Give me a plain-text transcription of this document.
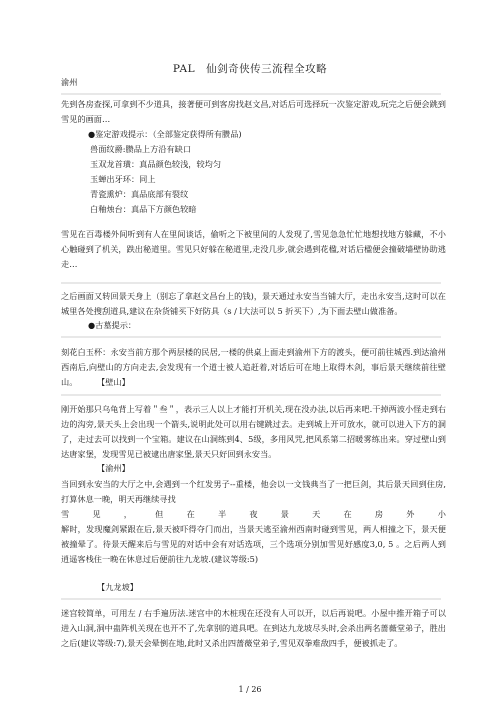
PAL　仙剑奇侠传三流程全攻略
渝州

先到各房查探,可拿到不少道具，接著便可到客房找赵文昌,对话后可选择玩一次鉴定游戏,玩完之后便会跳到雪见的画面…

●鉴定游戏提示：（全部鉴定获得所有臜品)
兽面纹爵:臜品上方沿有缺口
玉双龙首璜：真品颜色较浅，较均匀
玉蝉出牙环：同上
青瓷熏炉：真品底部有裂纹
白釉烛台：真品下方颜色较暗

雪见在百毒楼外间听到有人在里间谈话，偷听之下被里间的人发现了,雪见急急忙忙地想找地方躲藏，不小心触碰到了机关，跌出秘道里。雪见只好躲在秘道里,走没几步,就会遇到花楹,对话后楹便会撞破墙壁协助逃走…

之后画面又转回景天身上（别忘了拿赵文昌台上的钱)，景天通过永安当当铺大厅，走出永安当,这时可以在城里各处搜刮道具,建议在杂货铺买下好防具（s / l大法可以 5 折买下）,为下面去壁山做准备。

●古墓提示：

刻花白玉杯：永安当前方那个两层楼的民居,一楼的供桌上面走到渝州下方的渡头，便可前往城西.到达渝州西南后,向壁山的方向走去,会发现有一个道士被人追赶着,对话后可在地上取得木剑，事后景天继续前往壁山。	【壁山】

刚开始那只乌龟背上写着＂叁＂，表示三人以上才能打开机关,现在没办法,以后再来吧.干掉两波小怪走到右边的沟旁,景天头上会出现一个箭头,说明此处可以用右键跳过去。走到城上开可放水，就可以进入下方的洞了，走过去可以找到一个宝箱。建议在山洞练到4、5级，多用风咒,把风系第二招暖雾练出来。穿过壁山到达唐家堡，发现雪见已被逮出唐家堡,景天只好回到永安当。

【渝州】

当回到永安当的大厅之中,会遇到一个红发男子--重楼，他会以一文钱典当了一把巨剑，其后景天回到住房,打算休息一晚，明天再继续寻找

雪	见	，	但	在	半	夜	景	天	在	房	外	小

解时，发现魔剑紧跟在后,景天被吓得夺门而出，当景天逃至渝州西南时碰到雪见，两人相撞之下，景天便被撞晕了。待景天醒来后与雪见的对话中会有对话选项，三个选项分别加雪见好感度3,0, 5 。之后两人到逍遥客栈住一晚在休息过后便前往九龙坡.(建议等级:5)

【九龙坡】

迷宫较简单，可用左 / 右手遍历法.迷宫中的木桩现在还没有人可以开，以后再说吧。小屋中推开箱子可以进入山洞,洞中蛊阵机关现在也开不了,先拿别的道具吧。在到达九龙坡尽头时,会杀出两名蔷薇堂弟子，胜出之后(建议等级:7),景天会晕倒在地,此时又杀出四蔷薇堂弟子,雪见双拳难敌四手，便被抓走了。

1 / 26
